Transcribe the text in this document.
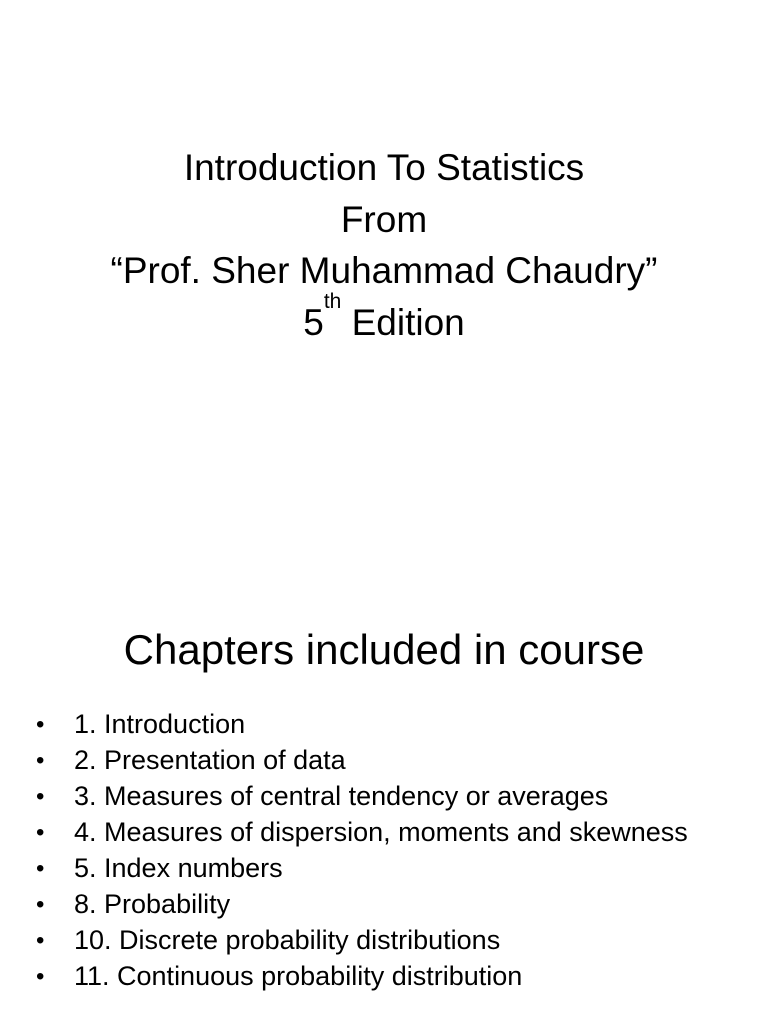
Introduction To Statistics
From
“Prof. Sher Muhammad Chaudry”
5th Edition
Chapters included in course
•	1. Introduction
•	2. Presentation of data
•	3. Measures of central tendency or averages
•	4. Measures of dispersion, moments and skewness
•	5. Index numbers
•	8. Probability
•	10. Discrete probability distributions
•	11. Continuous probability distribution
